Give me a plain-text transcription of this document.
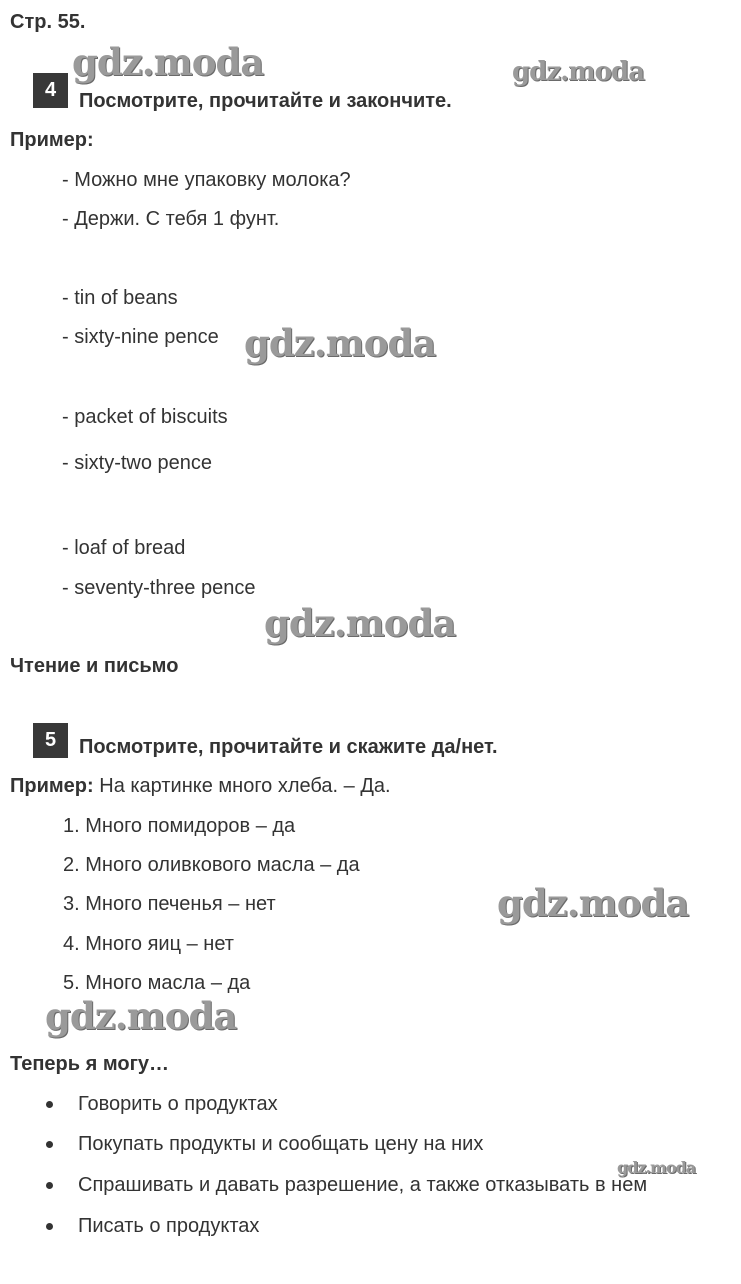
Стр. 55.
4	Посмотрите, прочитайте и закончите.
Пример:
- Можно мне упаковку молока?
- Держи. С тебя 1 фунт.
- tin of beans
- sixty-nine pence
- packet of biscuits
- sixty-two pence
- loaf of bread
- seventy-three pence
Чтение и письмо
5	Посмотрите, прочитайте и скажите да/нет.
Пример: На картинке много хлеба. – Да.
1. Много помидоров – да
2. Много оливкового масла – да
3. Много печенья – нет
4. Много яиц – нет
5. Много масла – да
Теперь я могу…
Говорить о продуктах
Покупать продукты и сообщать цену на них
Спрашивать и давать разрешение, а также отказывать в нем
Писать о продуктах
gdz.moda	gdz.moda
gdz.moda
gdz.moda
gdz.moda
gdz.moda
gdz.moda
